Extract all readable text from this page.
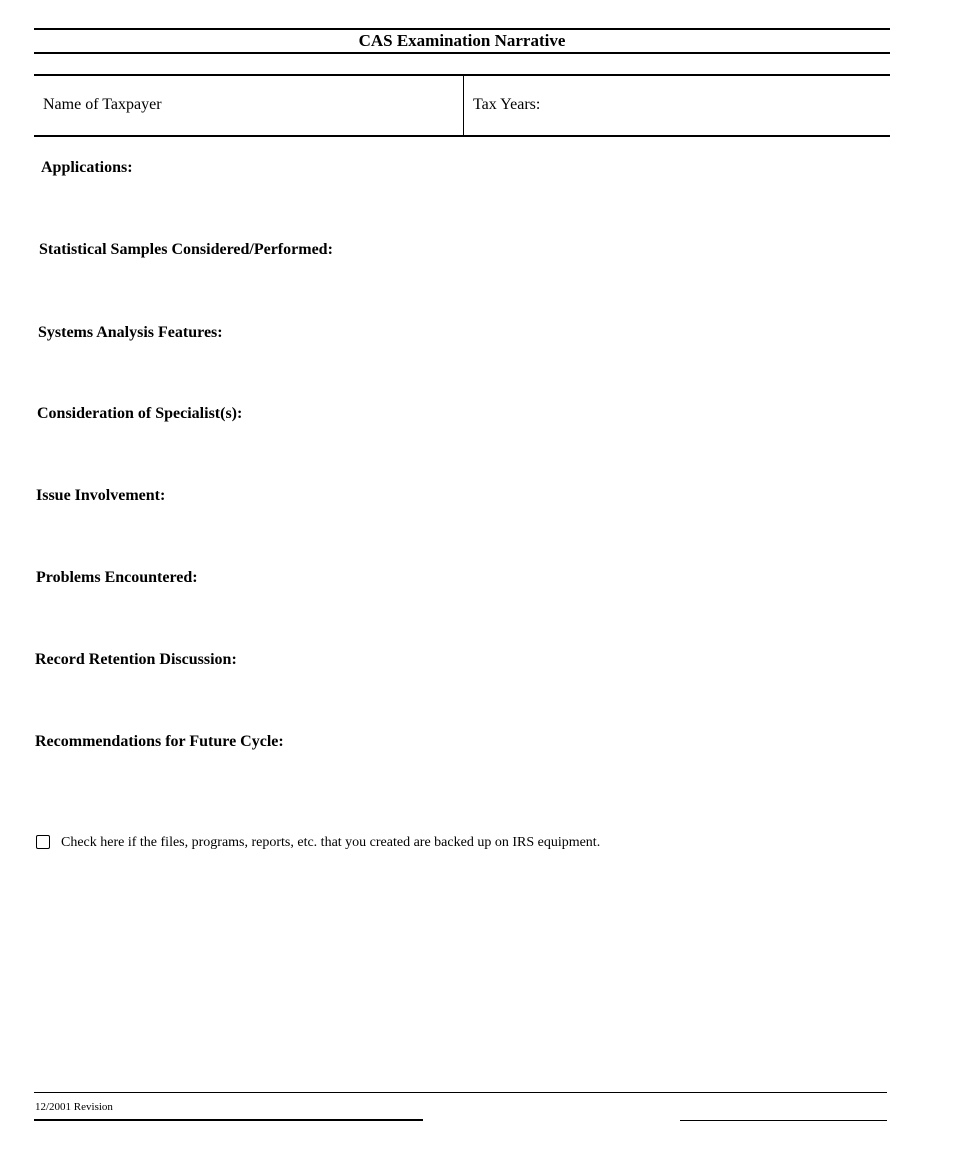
CAS Examination Narrative
Name of Taxpayer	Tax Years:
Applications:
Statistical Samples Considered/Performed:
Systems Analysis Features:
Consideration of Specialist(s):
Issue Involvement:
Problems Encountered:
Record Retention Discussion:
Recommendations for Future Cycle:
Check here if the files, programs, reports, etc. that you created are backed up on IRS equipment.
12/2001 Revision
